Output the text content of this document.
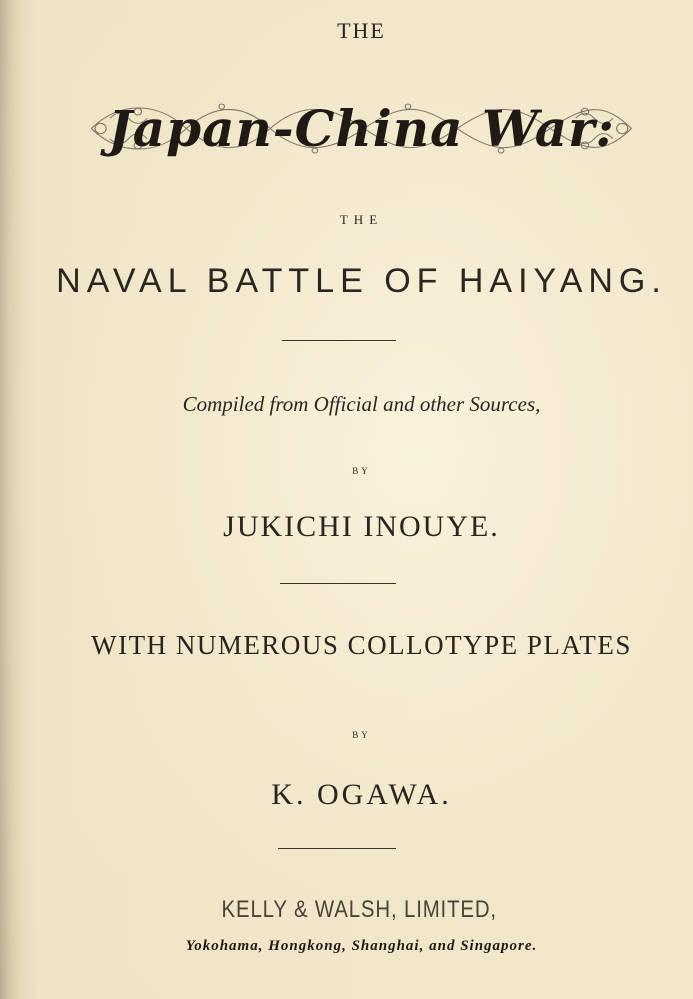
THE
Japan-China War:
THE
NAVAL BATTLE OF HAIYANG.
Compiled from Official and other Sources,
BY
JUKICHI INOUYE.
WITH NUMEROUS COLLOTYPE PLATES
BY
K. OGAWA.
KELLY & WALSH, LIMITED,
Yokohama, Hongkong, Shanghai, and Singapore.
